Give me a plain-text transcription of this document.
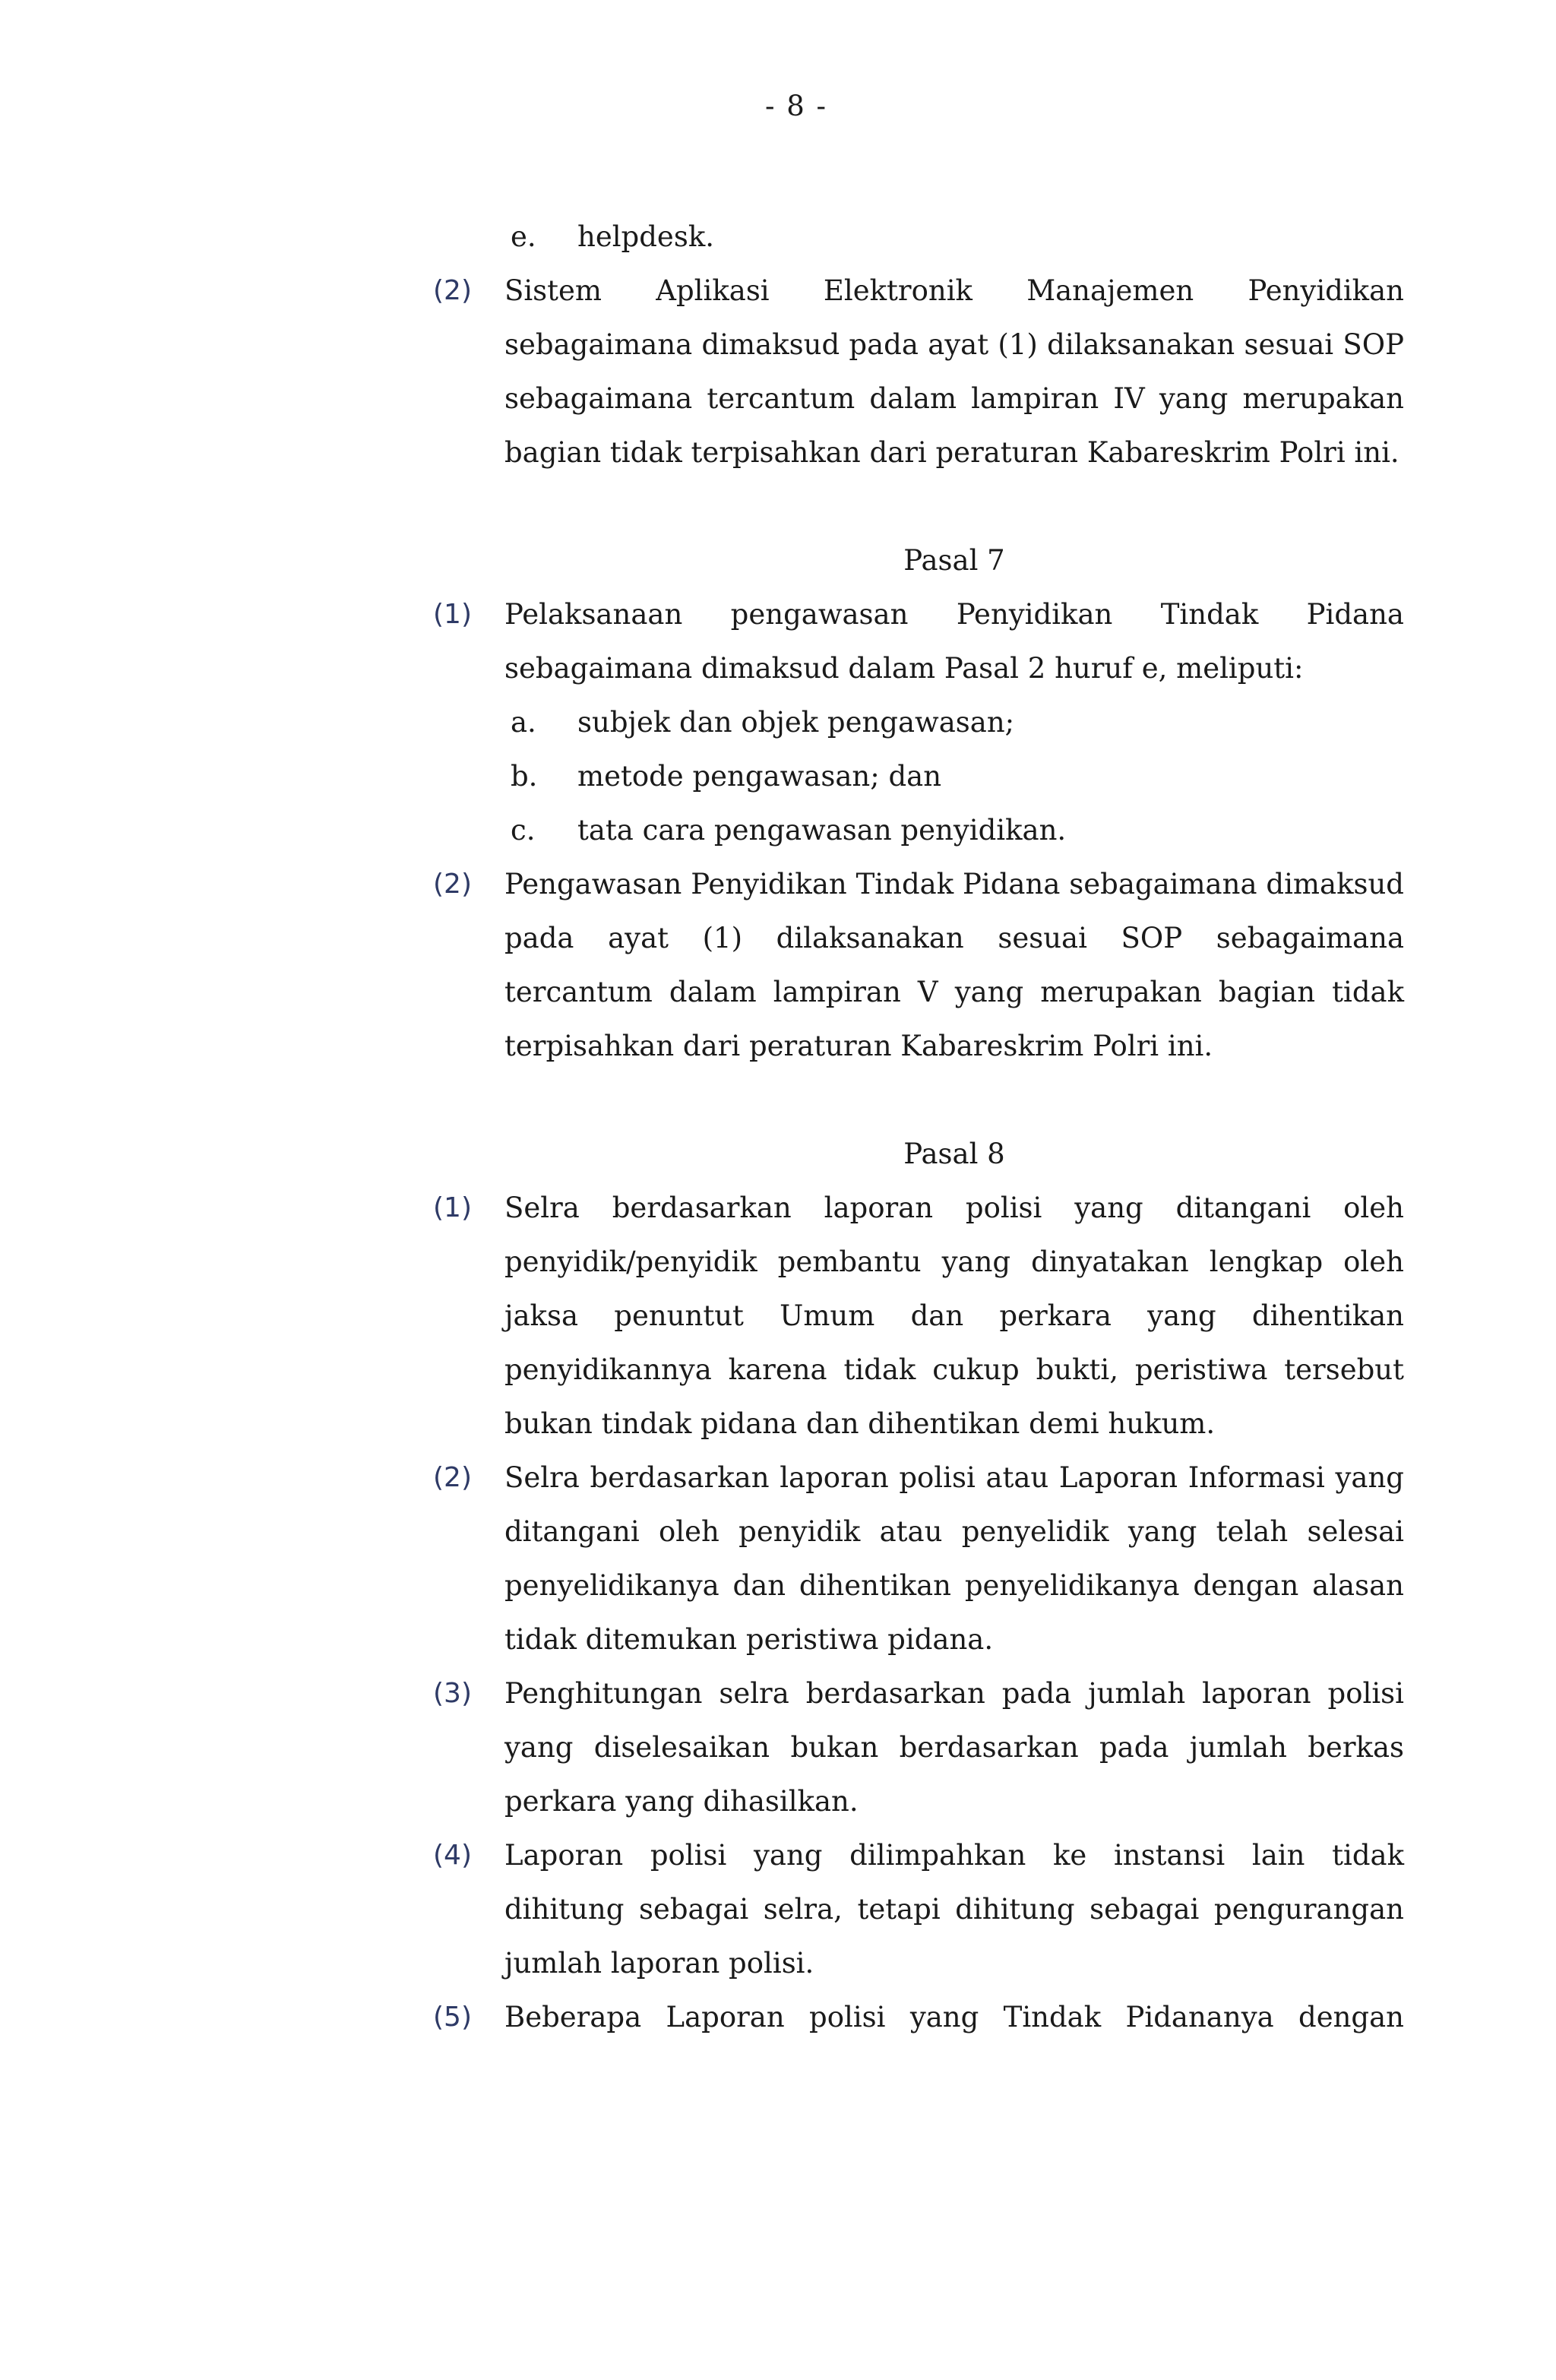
- 8 -
e.	helpdesk.
(2)	Sistem Aplikasi Elektronik Manajemen Penyidikan sebagaimana dimaksud pada ayat (1) dilaksanakan sesuai SOP sebagaimana tercantum dalam lampiran IV yang merupakan bagian tidak terpisahkan dari peraturan Kabareskrim Polri ini.
Pasal 7
(1)	Pelaksanaan pengawasan Penyidikan Tindak Pidana sebagaimana dimaksud dalam Pasal 2 huruf e, meliputi:
a.	subjek dan objek pengawasan;
b.	metode pengawasan; dan
c.	tata cara pengawasan penyidikan.
(2)	Pengawasan Penyidikan Tindak Pidana sebagaimana dimaksud pada ayat (1) dilaksanakan sesuai SOP sebagaimana tercantum dalam lampiran V yang merupakan bagian tidak terpisahkan dari peraturan Kabareskrim Polri ini.
Pasal 8
(1)	Selra berdasarkan laporan polisi yang ditangani oleh penyidik/penyidik pembantu yang dinyatakan lengkap oleh jaksa penuntut Umum dan perkara yang dihentikan penyidikannya karena tidak cukup bukti, peristiwa tersebut bukan tindak pidana dan dihentikan demi hukum.
(2)	Selra berdasarkan laporan polisi atau Laporan Informasi yang ditangani oleh penyidik atau penyelidik yang telah selesai penyelidikanya dan dihentikan penyelidikanya dengan alasan tidak ditemukan peristiwa pidana.
(3)	Penghitungan selra berdasarkan pada jumlah laporan polisi yang diselesaikan bukan berdasarkan pada jumlah berkas perkara yang dihasilkan.
(4)	Laporan polisi yang dilimpahkan ke instansi lain tidak dihitung sebagai selra, tetapi dihitung sebagai pengurangan jumlah laporan polisi.
(5)	Beberapa Laporan polisi yang Tindak Pidananya dengan
